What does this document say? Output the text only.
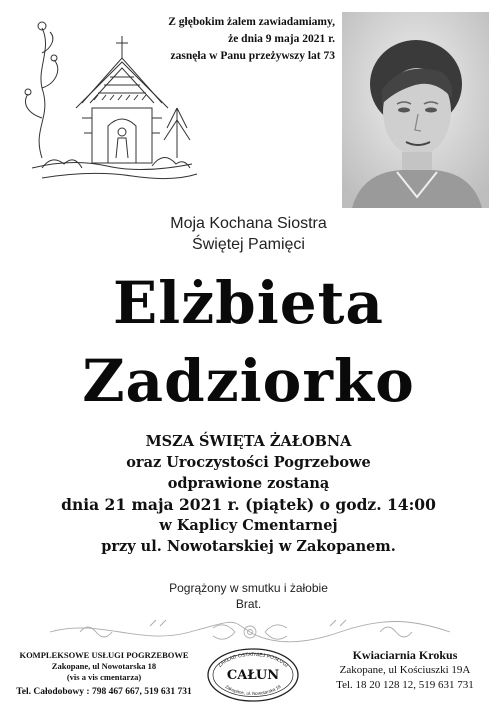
Z głębokim żalem zawiadamiamy,
że dnia 9 maja 2021 r.
zasnęła w Panu przeżywszy lat 73
Moja Kochana Siostra
Świętej Pamięci
Elżbieta
Zadziorko
MSZA ŚWIĘTA ŻAŁOBNA
oraz Uroczystości Pogrzebowe
odprawione zostaną
dnia 21 maja 2021 r. (piątek) o godz. 14:00
w Kaplicy Cmentarnej
przy ul. Nowotarskiej w Zakopanem.
Pogrążony w smutku i żałobie
Brat.
KOMPLEKSOWE USŁUGI POGRZEBOWE
Zakopane, ul Nowotarska 18
(vis a vis cmentarza)
Tel. Całodobowy : 798 467 667, 519 631 731
ZAKŁAD OSTATNIEJ POSŁUGI
CAŁUN
Zakopane, ul. Nowotarska 18
Kwiaciarnia Krokus
Zakopane, ul Kościuszki 19A
Tel. 18 20 128 12, 519 631 731
